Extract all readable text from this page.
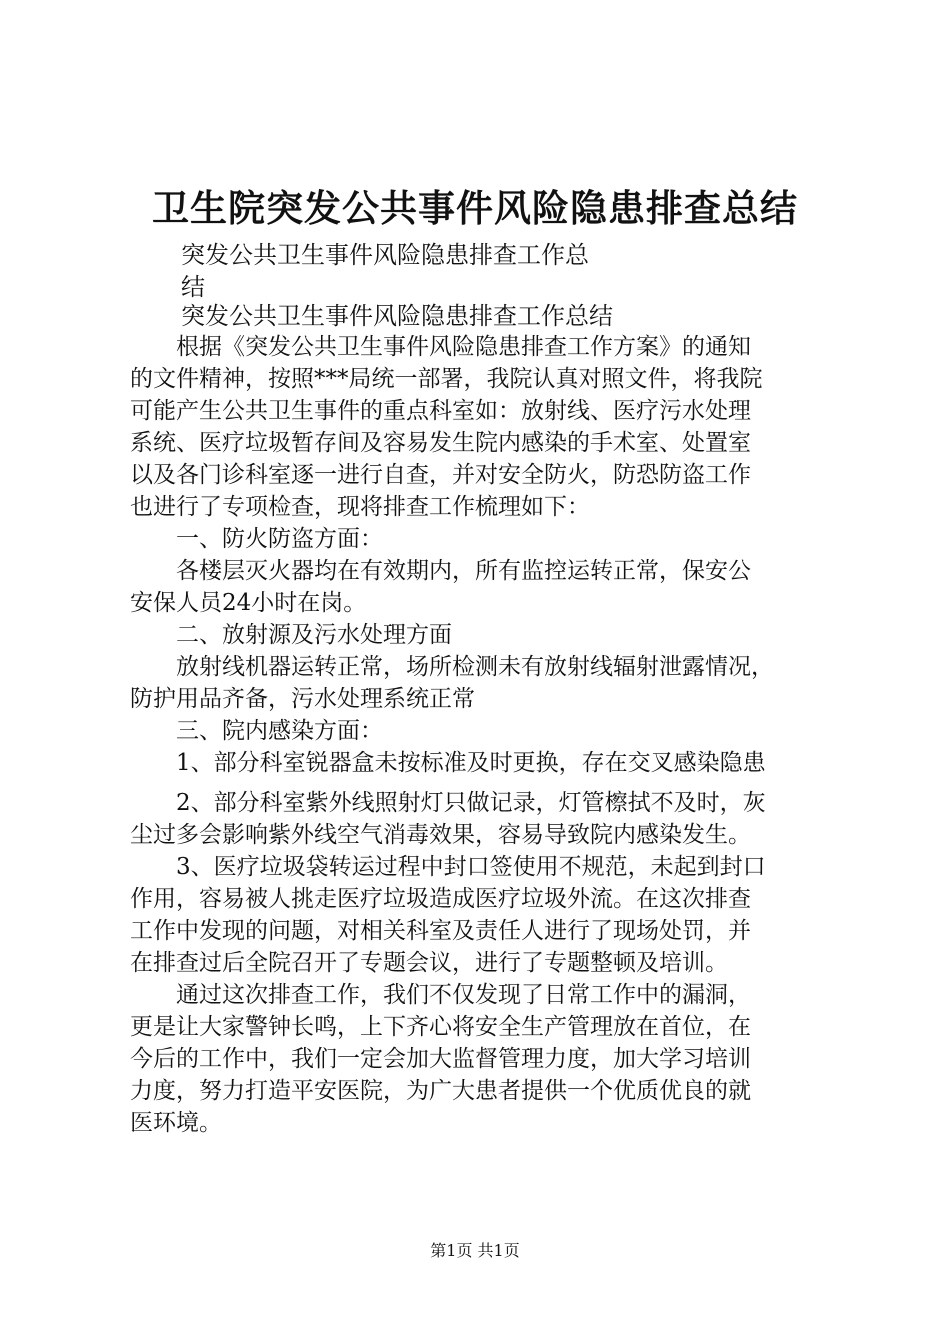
卫生院突发公共事件风险隐患排查总结
突发公共卫生事件风险隐患排查工作总
结
突发公共卫生事件风险隐患排查工作总结
　　根据《突发公共卫生事件风险隐患排查工作方案》的通知
的文件精神，按照***局统一部署，我院认真对照文件，将我院
可能产生公共卫生事件的重点科室如：放射线、医疗污水处理
系统、医疗垃圾暂存间及容易发生院内感染的手术室、处置室
以及各门诊科室逐一进行自查，并对安全防火，防恐防盗工作
也进行了专项检查，现将排查工作梳理如下：
　　一、防火防盗方面：
　　各楼层灭火器均在有效期内，所有监控运转正常，保安公
安保人员24小时在岗。
　　二、放射源及污水处理方面
　　放射线机器运转正常，场所检测未有放射线辐射泄露情况，
防护用品齐备，污水处理系统正常
　　三、院内感染方面：
　　1、部分科室锐器盒未按标准及时更换，存在交叉感染隐患
　　2、部分科室紫外线照射灯只做记录，灯管檫拭不及时，灰
尘过多会影响紫外线空气消毒效果，容易导致院内感染发生。
　　3、医疗垃圾袋转运过程中封口签使用不规范，未起到封口
作用，容易被人挑走医疗垃圾造成医疗垃圾外流。在这次排查
工作中发现的问题，对相关科室及责任人进行了现场处罚，并
在排查过后全院召开了专题会议，进行了专题整顿及培训。
　　通过这次排查工作，我们不仅发现了日常工作中的漏洞，
更是让大家警钟长鸣，上下齐心将安全生产管理放在首位，在
今后的工作中，我们一定会加大监督管理力度，加大学习培训
力度，努力打造平安医院，为广大患者提供一个优质优良的就
医环境。
第1页 共1页
